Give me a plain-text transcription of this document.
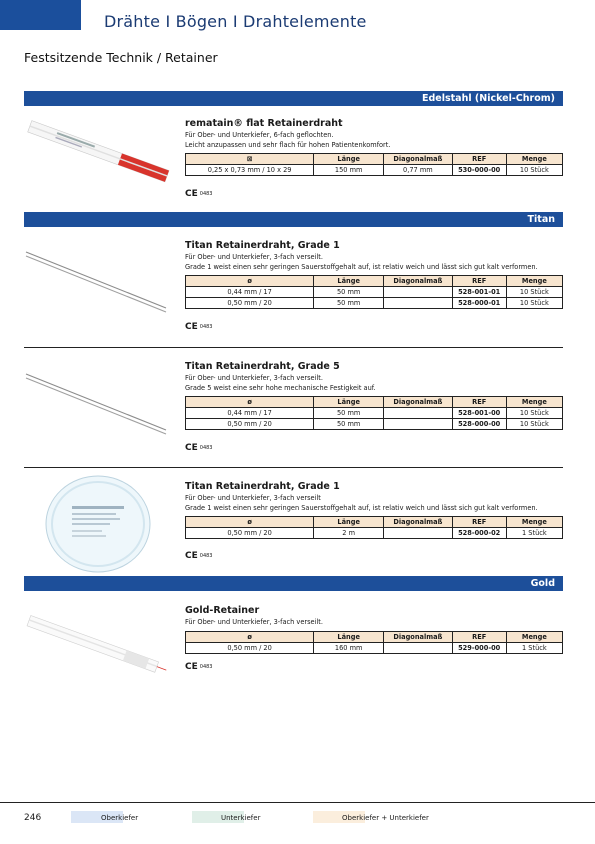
Drähte I Bögen I Drahtelemente
Festsitzende Technik / Retainer
Edelstahl (Nickel-Chrom)
rematain® flat Retainerdraht
Für Ober- und Unterkiefer, 6-fach geflochten.
Leicht anzupassen und sehr flach für hohen Patientenkomfort.
⊠	Länge	Diagonalmaß	REF	Menge
0,25 x 0,73 mm / 10 x 29	150 mm	0,77 mm	530-000-00	10 Stück
CE 0483
Titan
Titan Retainerdraht, Grade 1
Für Ober- und Unterkiefer, 3-fach verseilt.
Grade 1 weist einen sehr geringen Sauerstoffgehalt auf, ist relativ weich und lässt sich gut kalt verformen.
ø	Länge	Diagonalmaß	REF	Menge
0,44 mm / 17	50 mm		528-001-01	10 Stück
0,50 mm / 20	50 mm		528-000-01	10 Stück
CE 0483
Titan Retainerdraht, Grade 5
Für Ober- und Unterkiefer, 3-fach verseilt.
Grade 5 weist eine sehr hohe mechanische Festigkeit auf.
ø	Länge	Diagonalmaß	REF	Menge
0,44 mm / 17	50 mm		528-001-00	10 Stück
0,50 mm / 20	50 mm		528-000-00	10 Stück
CE 0483
Titan Retainerdraht, Grade 1
Für Ober- und Unterkiefer, 3-fach verseilt
Grade 1 weist einen sehr geringen Sauerstoffgehalt auf, ist relativ weich und lässt sich gut kalt verformen.
ø	Länge	Diagonalmaß	REF	Menge
0,50 mm / 20	2 m		528-000-02	1 Stück
CE 0483
Gold
Gold-Retainer
Für Ober- und Unterkiefer, 3-fach verseilt.
ø	Länge	Diagonalmaß	REF	Menge
0,50 mm / 20	160 mm		529-000-00	1 Stück
CE 0483
246	Oberkiefer	Unterkiefer	Oberkiefer + Unterkiefer
